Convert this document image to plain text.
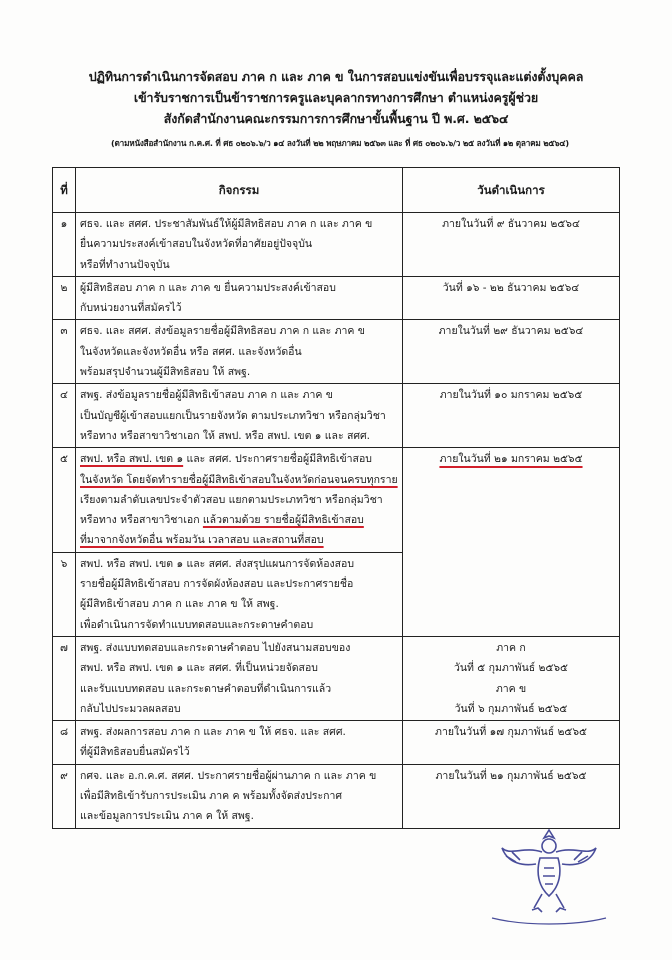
ปฏิทินการดำเนินการจัดสอบ ภาค ก และ ภาค ข ในการสอบแข่งขันเพื่อบรรจุและแต่งตั้งบุคคล
เข้ารับราชการเป็นข้าราชการครูและบุคลากรทางการศึกษา ตำแหน่งครูผู้ช่วย
สังกัดสำนักงานคณะกรรมการการศึกษาขั้นพื้นฐาน ปี พ.ศ. ๒๕๖๔
(ตามหนังสือสำนักงาน ก.ค.ศ. ที่ ศธ ๐๒๐๖.๖/ว ๑๔ ลงวันที่ ๒๒ พฤษภาคม ๒๕๖๓ และ ที่ ศธ ๐๒๐๖.๖/ว ๒๕ ลงวันที่ ๑๒ ตุลาคม ๒๕๖๔)
ที่	กิจกรรม	วันดำเนินการ
๑	ศธจ. และ สศศ. ประชาสัมพันธ์ให้ผู้มีสิทธิสอบ ภาค ก และ ภาค ข
ยื่นความประสงค์เข้าสอบในจังหวัดที่อาศัยอยู่ปัจจุบัน
หรือที่ทำงานปัจจุบัน	ภายในวันที่ ๙ ธันวาคม ๒๕๖๔

๒	ผู้มีสิทธิสอบ ภาค ก และ ภาค ข ยื่นความประสงค์เข้าสอบ
กับหน่วยงานที่สมัครไว้	วันที่ ๑๖ - ๒๒ ธันวาคม ๒๕๖๔

๓	ศธจ. และ สศศ. ส่งข้อมูลรายชื่อผู้มีสิทธิสอบ ภาค ก และ ภาค ข
ในจังหวัดและจังหวัดอื่น หรือ สศศ. และจังหวัดอื่น
พร้อมสรุปจำนวนผู้มีสิทธิสอบ ให้ สพฐ.	ภายในวันที่ ๒๙ ธันวาคม ๒๕๖๔

๔	สพฐ. ส่งข้อมูลรายชื่อผู้มีสิทธิเข้าสอบ ภาค ก และ ภาค ข
เป็นบัญชีผู้เข้าสอบแยกเป็นรายจังหวัด ตามประเภทวิชา หรือกลุ่มวิชา
หรือทาง หรือสาขาวิชาเอก ให้ สพป. หรือ สพป. เขต ๑ และ สศศ.	ภายในวันที่ ๑๐ มกราคม ๒๕๖๕

๕	สพป. หรือ สพป. เขต ๑ และ สศศ. ประกาศรายชื่อผู้มีสิทธิเข้าสอบ
ในจังหวัด โดยจัดทำรายชื่อผู้มีสิทธิเข้าสอบในจังหวัดก่อนจนครบทุกราย
เรียงตามลำดับเลขประจำตัวสอบ แยกตามประเภทวิชา หรือกลุ่มวิชา
หรือทาง หรือสาขาวิชาเอก แล้วตามด้วย รายชื่อผู้มีสิทธิเข้าสอบ
ที่มาจากจังหวัดอื่น พร้อมวัน เวลาสอบ และสถานที่สอบ	ภายในวันที่ ๒๑ มกราคม ๒๕๖๕

๖	สพป. หรือ สพป. เขต ๑ และ สศศ. ส่งสรุปแผนการจัดห้องสอบ
รายชื่อผู้มีสิทธิเข้าสอบ การจัดผังห้องสอบ และประกาศรายชื่อ
ผู้มีสิทธิเข้าสอบ ภาค ก และ ภาค ข ให้ สพฐ.
เพื่อดำเนินการจัดทำแบบทดสอบและกระดาษคำตอบ	

๗	สพฐ. ส่งแบบทดสอบและกระดาษคำตอบ ไปยังสนามสอบของ
สพป. หรือ สพป. เขต ๑ และ สศศ. ที่เป็นหน่วยจัดสอบ
และรับแบบทดสอบ และกระดาษคำตอบที่ดำเนินการแล้ว
กลับไปประมวลผลสอบ	ภาค ก
วันที่ ๕ กุมภาพันธ์ ๒๕๖๕
ภาค ข
วันที่ ๖ กุมภาพันธ์ ๒๕๖๕

๘	สพฐ. ส่งผลการสอบ ภาค ก และ ภาค ข ให้ ศธจ. และ สศศ.
ที่ผู้มีสิทธิสอบยื่นสมัครไว้	ภายในวันที่ ๑๗ กุมภาพันธ์ ๒๕๖๕

๙	กศจ. และ อ.ก.ค.ศ. สศศ. ประกาศรายชื่อผู้ผ่านภาค ก และ ภาค ข
เพื่อมีสิทธิเข้ารับการประเมิน ภาค ค พร้อมทั้งจัดส่งประกาศ
และข้อมูลการประเมิน ภาค ค ให้ สพฐ.	ภายในวันที่ ๒๑ กุมภาพันธ์ ๒๕๖๕
